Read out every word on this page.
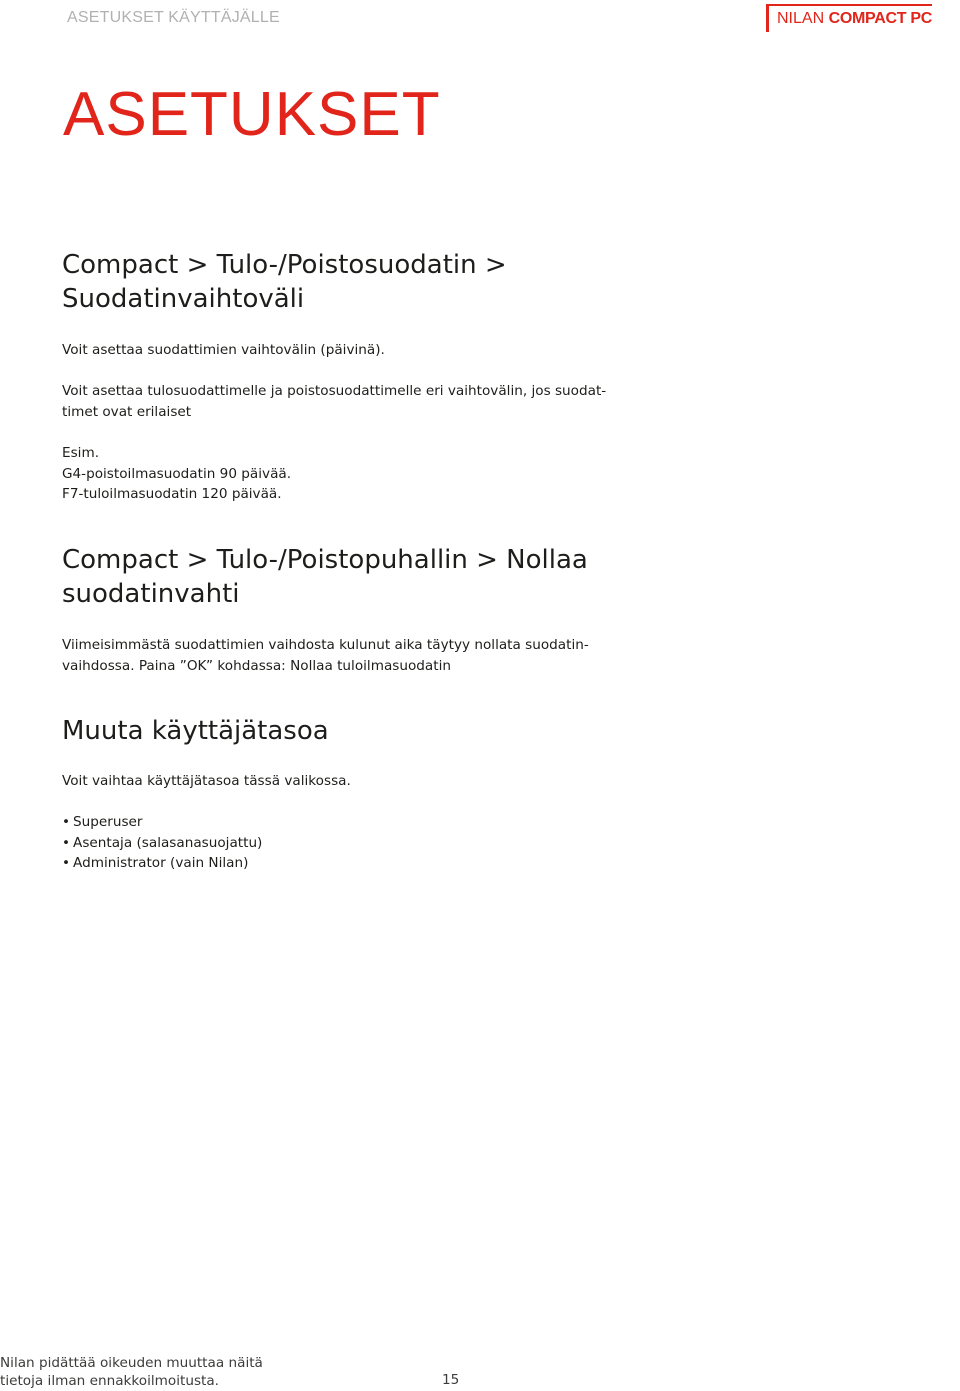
ASETUKSET KÄYTTÄJÄLLE	NILAN COMPACT PC
ASETUKSET
Compact > Tulo-/Poistosuodatin >
Suodatinvaihtoväli

Voit asettaa suodattimien vaihtovälin (päivinä).

Voit asettaa tulosuodattimelle ja poistosuodattimelle eri vaihtovälin, jos suodat-
timet ovat erilaiset

Esim.
G4-poistoilmasuodatin 90 päivää.
F7-tuloilmasuodatin 120 päivää.

Compact > Tulo-/Poistopuhallin > Nollaa
suodatinvahti

Viimeisimmästä suodattimien vaihdosta kulunut aika täytyy nollata suodatin-
vaihdossa. Paina ”OK” kohdassa: Nollaa tuloilmasuodatin

Muuta käyttäjätasoa

Voit vaihtaa käyttäjätasoa tässä valikossa.

• Superuser
• Asentaja (salasanasuojattu)
• Administrator (vain Nilan)
Nilan pidättää oikeuden muuttaa näitä
tietoja ilman ennakkoilmoitusta.	15
